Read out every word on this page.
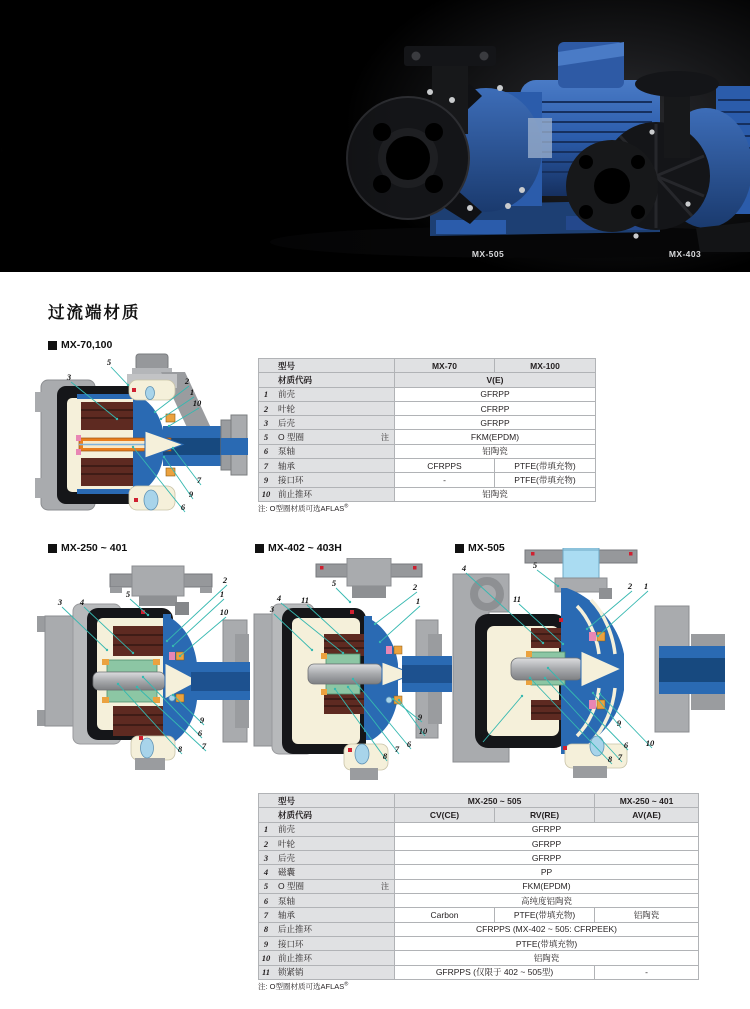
MX-505	MX-403
过流端材质
MX-70,100
MX-250 ~ 401	MX-402 ~ 403H	MX-505
5
3	2
1
10
7
9
6
型号	MX-70	MX-100

材质代码	V(E)	

1 前壳	GFRPP	

2 叶轮	CFRPP	

3 后壳	GFRPP	

5 O 型圈 注	FKM(EPDM)	

6 泵轴	铝陶瓷	

7 轴承	CFRPPS	PTFE(带填充物)

9 接口环	-	PTFE(带填充物)

10 前止推环	铝陶瓷	
注: O型圈材质可选AFLAS®
3 4
5
2
1
10
9
6
7
8
5
4 11
3
2
1
9
10
6
7
8
4	5
11
2 1
3
9
6 10
7
8
型号	MX-250 ~ 505		MX-250 ~ 401

材质代码	CV(CE)	RV(RE)	AV(AE)

1 前壳	GFRPP		

2 叶轮	GFRPP		

3 后壳	GFRPP		

4 磁囊	PP		

5 O 型圈 注	FKM(EPDM)		

6 泵轴	高纯度铝陶瓷		

7 轴承	Carbon	PTFE(带填充物)	铝陶瓷

8 后止推环	CFRPPS (MX-402 ~ 505: CFRPEEK)		

9 接口环	PTFE(带填充物)		

10 前止推环	铝陶瓷		

11 锁紧销	GFRPPS (仅限于 402 ~ 505型)		-
注: O型圈材质可选AFLAS®
